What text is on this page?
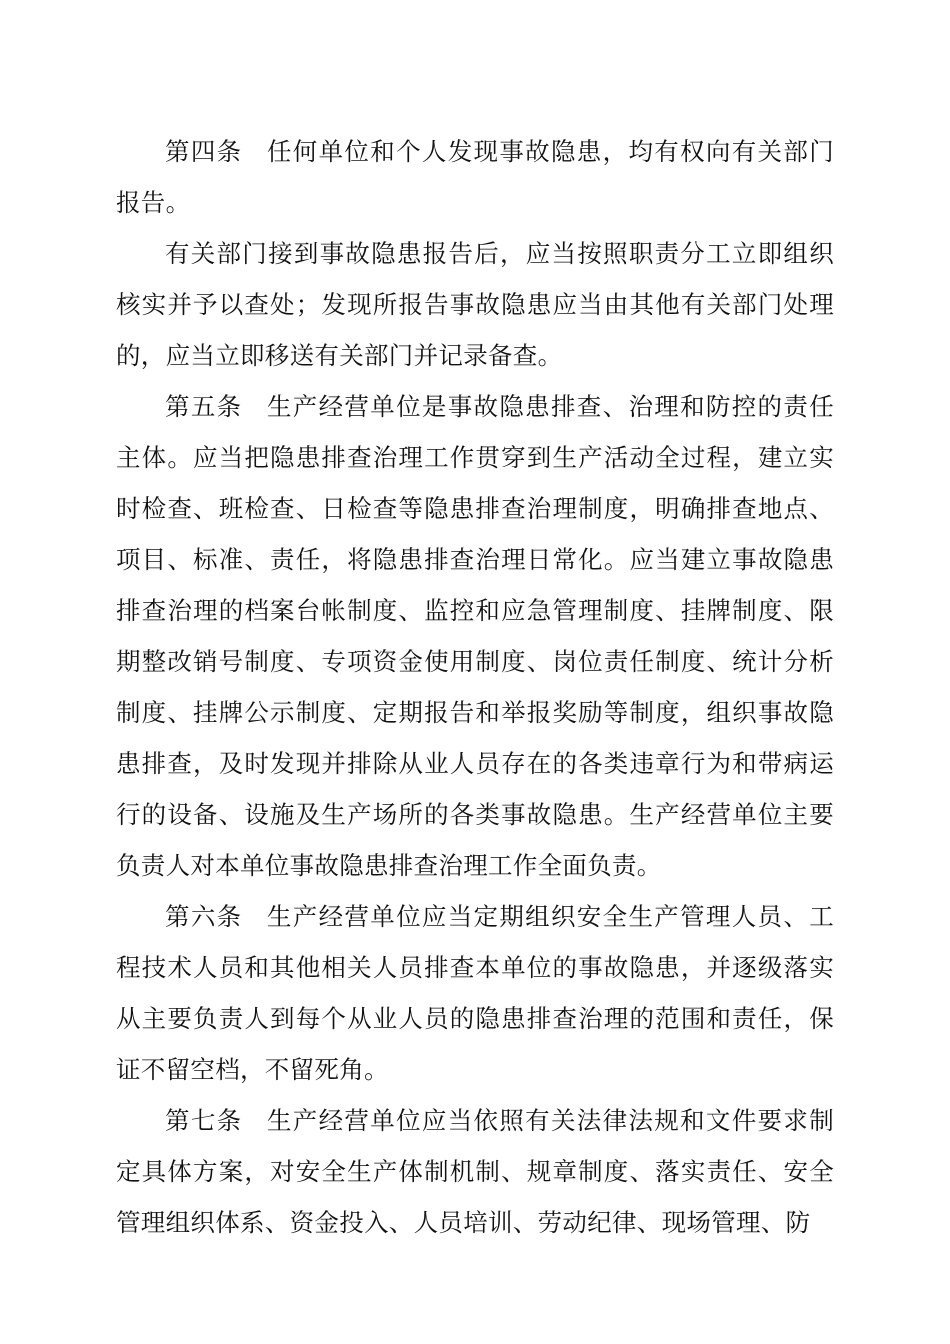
第四条 任何单位和个人发现事故隐患，均有权向有关部门报告。

有关部门接到事故隐患报告后，应当按照职责分工立即组织核实并予以查处；发现所报告事故隐患应当由其他有关部门处理的，应当立即移送有关部门并记录备查。

第五条 生产经营单位是事故隐患排查、治理和防控的责任主体。应当把隐患排查治理工作贯穿到生产活动全过程，建立实时检查、班检查、日检查等隐患排查治理制度，明确排查地点、项目、标准、责任，将隐患排查治理日常化。应当建立事故隐患排查治理的档案台帐制度、监控和应急管理制度、挂牌制度、限期整改销号制度、专项资金使用制度、岗位责任制度、统计分析制度、挂牌公示制度、定期报告和举报奖励等制度，组织事故隐患排查，及时发现并排除从业人员存在的各类违章行为和带病运行的设备、设施及生产场所的各类事故隐患。生产经营单位主要负责人对本单位事故隐患排查治理工作全面负责。

第六条 生产经营单位应当定期组织安全生产管理人员、工程技术人员和其他相关人员排查本单位的事故隐患，并逐级落实从主要负责人到每个从业人员的隐患排查治理的范围和责任，保证不留空档，不留死角。

第七条 生产经营单位应当依照有关法律法规和文件要求制定具体方案，对安全生产体制机制、规章制度、落实责任、安全管理组织体系、资金投入、人员培训、劳动纪律、现场管理、防
